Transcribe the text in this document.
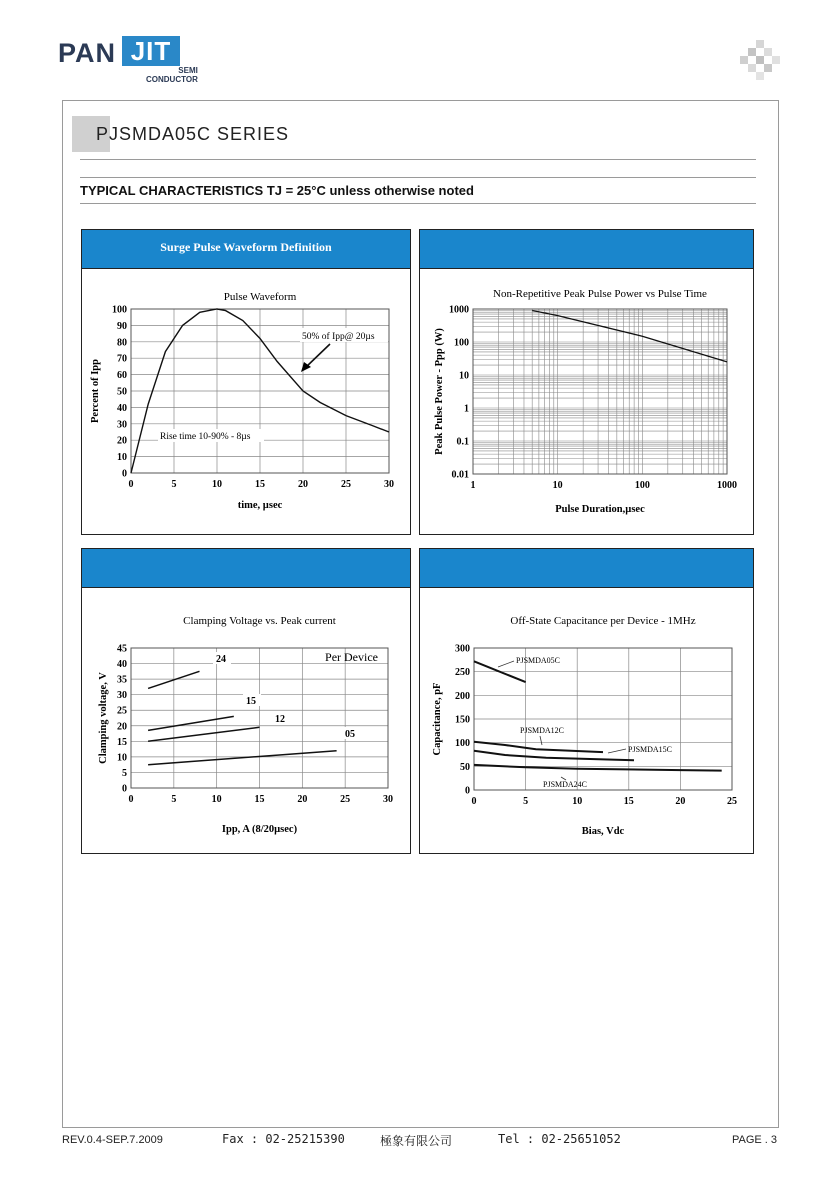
PAN JIT
SEMI
CONDUCTOR
PJSMDA05C SERIES
TYPICAL CHARACTERISTICS TJ = 25°C unless otherwise noted
Surge Pulse Waveform Definition
Pulse Waveform
0	5	10	15	20	25	30
0
10
20
30
40
50
60
70
80
90
100
time, µsec
Percent of Ipp
50% of Ipp@ 20µs
Rise time 10-90% - 8µs
Non-Repetitive Peak Pulse Power vs Pulse Time
1	10	100	1000
0.01
0.1
1
10
100
1000
Pulse Duration,µsec
Peak Pulse Power - Ppp (W)
Clamping Voltage vs. Peak current
0	5	10	15	20	25	30
0
5
10
15
20
25
30
35
40
45
Ipp, A (8/20µsec)
Clamping voltage, V
Per Device
24
15
12
05
Off-State Capacitance per Device - 1MHz
0	5	10	15	20	25
0
50
100
150
200
250
300
Bias, Vdc
Capacitance, pF
PJSMDA05C
PJSMDA12C
PJSMDA15C
PJSMDA24C
REV.0.4-SEP.7.2009	Fax : 02-25215390	極象有限公司	Tel : 02-25651052	PAGE . 3
